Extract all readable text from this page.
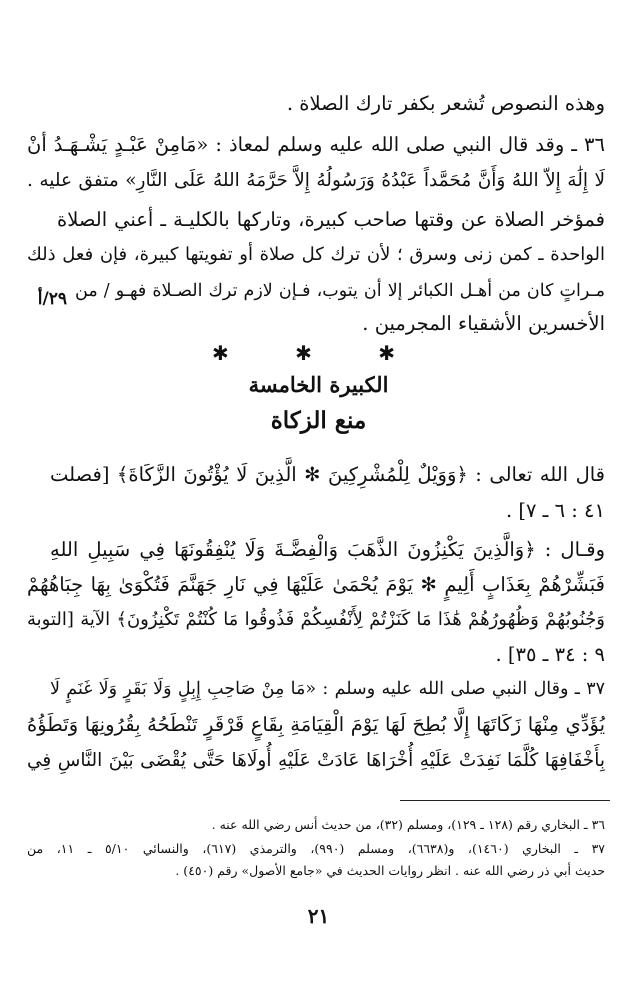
وهذه النصوص تُشعر بكفر تارك الصلاة .
٣٦ ـ وقد قال النبي صلى الله عليه وسلم لمعاذ : «مَامِنْ عَبْـدٍ يَشْـهَـدُ أنْ
لَا إِلَٰهَ إِلاّ اللهُ وَأَنَّ مُحَمَّداً عَبْدُهُ وَرَسُولُهُ إِلاَّ حَرَّمَهُ اللهُ عَلَى النَّارِ» متفق عليه .
فمؤخر الصلاة عن وقتها صاحب كبيرة، وتاركها بالكليـة ـ أعني الصلاة
الواحدة ـ كمن زنى وسرق ؛ لأن ترك كل صلاة أو تفويتها كبيرة، فإن فعل ذلك
مـراتٍ كان من أهـل الكبائر إلا أن يتوب، فـإن لازم ترك الصـلاة فهـو / من
الأخسرين الأشقياء المجرمين .
٢٩/أ
✱ ✱ ✱
الكبيرة الخامسة
منع الزكاة
قال الله تعالى : ﴿وَوَيْلٌ لِلْمُشْرِكِينَ ✻ الَّذِينَ لَا يُؤْتُونَ الزَّكَاةَ﴾ [فصلت
٤١ : ٦ ـ ٧] .
وقـال : ﴿وَالَّذِينَ يَكْنِزُونَ الذَّهَبَ وَالْفِضَّـةَ وَلَا يُنْفِقُونَهَا فِي سَبِيلِ اللهِ
فَبَشِّرْهُمْ بِعَذَابٍ أَلِيمٍ ✻ يَوْمَ يُحْمَىٰ عَلَيْهَا فِي نَارِ جَهَنَّمَ فَتُكْوَىٰ بِهَا جِبَاهُهُمْ
وَجُنُوبُهُمْ وَظُهُورُهُمْ هَٰذَا مَا كَنَزْتُمْ لِأَنْفُسِكُمْ فَذُوقُوا مَا كُنْتُمْ تَكْنِزُونَ﴾ الآية [التوبة
٩ : ٣٤ ـ ٣٥] .
٣٧ ـ وقال النبي صلى الله عليه وسلم : «مَا مِنْ صَاحِبِ إِبِلٍ وَلَا بَقَرٍ وَلَا غَنَمٍ لَا
يُؤَدِّي مِنْهَا زَكَاتَهَا إِلَّا بُطِحَ لَهَا يَوْمَ الْقِيَامَةِ بِقَاعٍ قَرْقَرٍ تَنْطَحُهُ بِقُرُونِهَا وَتَطَؤُهُ
بِأَخْفَافِهَا كُلَّمَا نَفِدَتْ عَلَيْهِ أُخْرَاهَا عَادَتْ عَلَيْهِ أُولَاهَا حَتَّى يُقْضَى بَيْنَ النَّاسِ فِي
٣٦ ـ البخاري رقم (١٢٨ ـ ١٢٩)، ومسلم (٣٢)، من حديث أنس رضي الله عنه .
٣٧ ـ البخاري (١٤٦٠)، و(٦٦٣٨)، ومسلم (٩٩٠)، والترمذي (٦١٧)، والنسائي ٥/١٠ ـ ١١، من
حديث أبي ذر رضي الله عنه . انظر روايات الحديث في «جامع الأصول» رقم (٤٥٠) .
٢١
